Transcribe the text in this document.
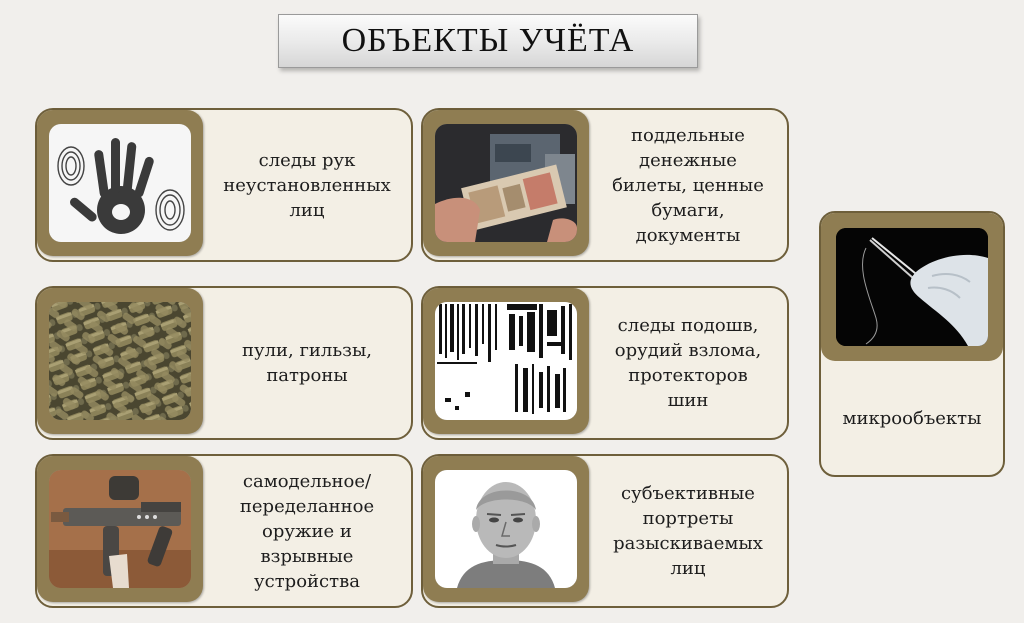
ОБЪЕКТЫ УЧЁТА
следы рук
неустановленных
лиц
поддельные
денежные
билеты, ценные
бумаги,
документы
пули, гильзы,
патроны
следы подошв,
орудий взлома,
протекторов
шин
самодельное/
переделанное
оружие и
взрывные
устройства
субъективные
портреты
разыскиваемых
лиц
микрообъекты
